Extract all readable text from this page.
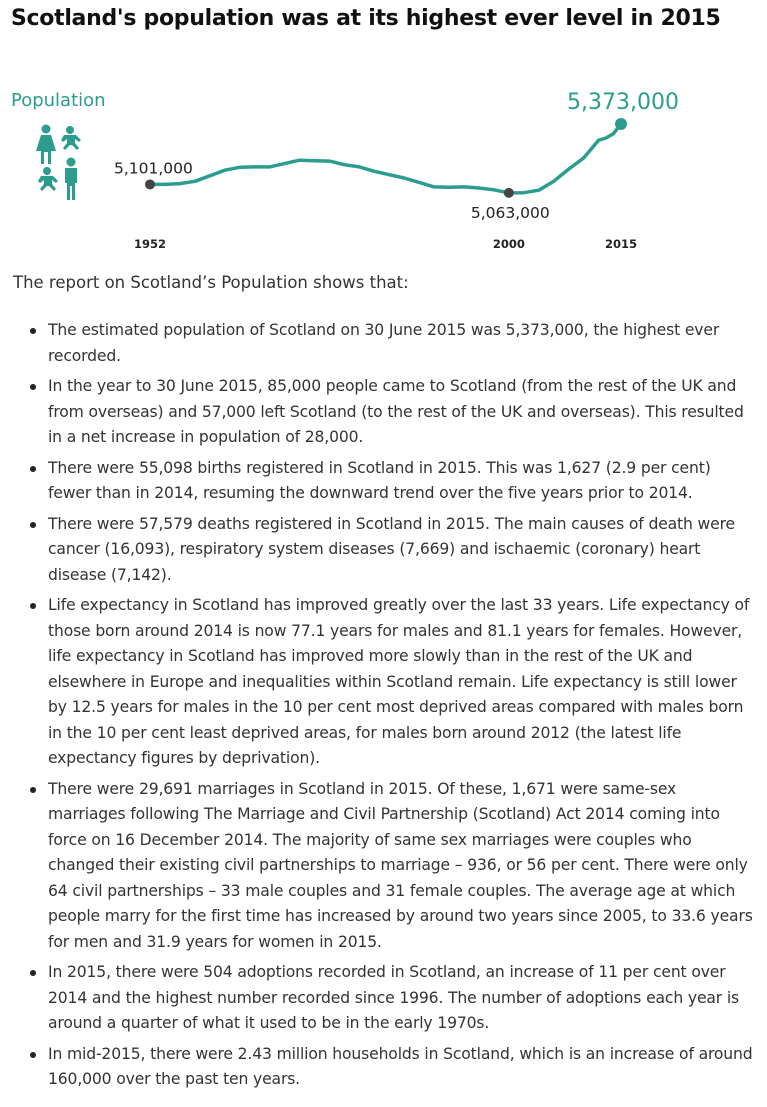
Scotland's population was at its highest ever level in 2015
Population
5,101,000
5,063,000
5,373,000
1952	2000	2015
The report on Scotland’s Population shows that:
The estimated population of Scotland on 30 June 2015 was 5,373,000, the highest ever recorded.
In the year to 30 June 2015, 85,000 people came to Scotland (from the rest of the UK and from overseas) and 57,000 left Scotland (to the rest of the UK and overseas). This resulted in a net increase in population of 28,000.
There were 55,098 births registered in Scotland in 2015. This was 1,627 (2.9 per cent) fewer than in 2014, resuming the downward trend over the five years prior to 2014.
There were 57,579 deaths registered in Scotland in 2015. The main causes of death were cancer (16,093), respiratory system diseases (7,669) and ischaemic (coronary) heart disease (7,142).
Life expectancy in Scotland has improved greatly over the last 33 years. Life expectancy of those born around 2014 is now 77.1 years for males and 81.1 years for females. However, life expectancy in Scotland has improved more slowly than in the rest of the UK and elsewhere in Europe and inequalities within Scotland remain. Life expectancy is still lower by 12.5 years for males in the 10 per cent most deprived areas compared with males born in the 10 per cent least deprived areas, for males born around 2012 (the latest life expectancy figures by deprivation).
There were 29,691 marriages in Scotland in 2015. Of these, 1,671 were same-sex marriages following The Marriage and Civil Partnership (Scotland) Act 2014 coming into force on 16 December 2014. The majority of same sex marriages were couples who changed their existing civil partnerships to marriage – 936, or 56 per cent. There were only 64 civil partnerships – 33 male couples and 31 female couples. The average age at which people marry for the first time has increased by around two years since 2005, to 33.6 years for men and 31.9 years for women in 2015.
In 2015, there were 504 adoptions recorded in Scotland, an increase of 11 per cent over 2014 and the highest number recorded since 1996. The number of adoptions each year is around a quarter of what it used to be in the early 1970s.
In mid-2015, there were 2.43 million households in Scotland, which is an increase of around 160,000 over the past ten years.
